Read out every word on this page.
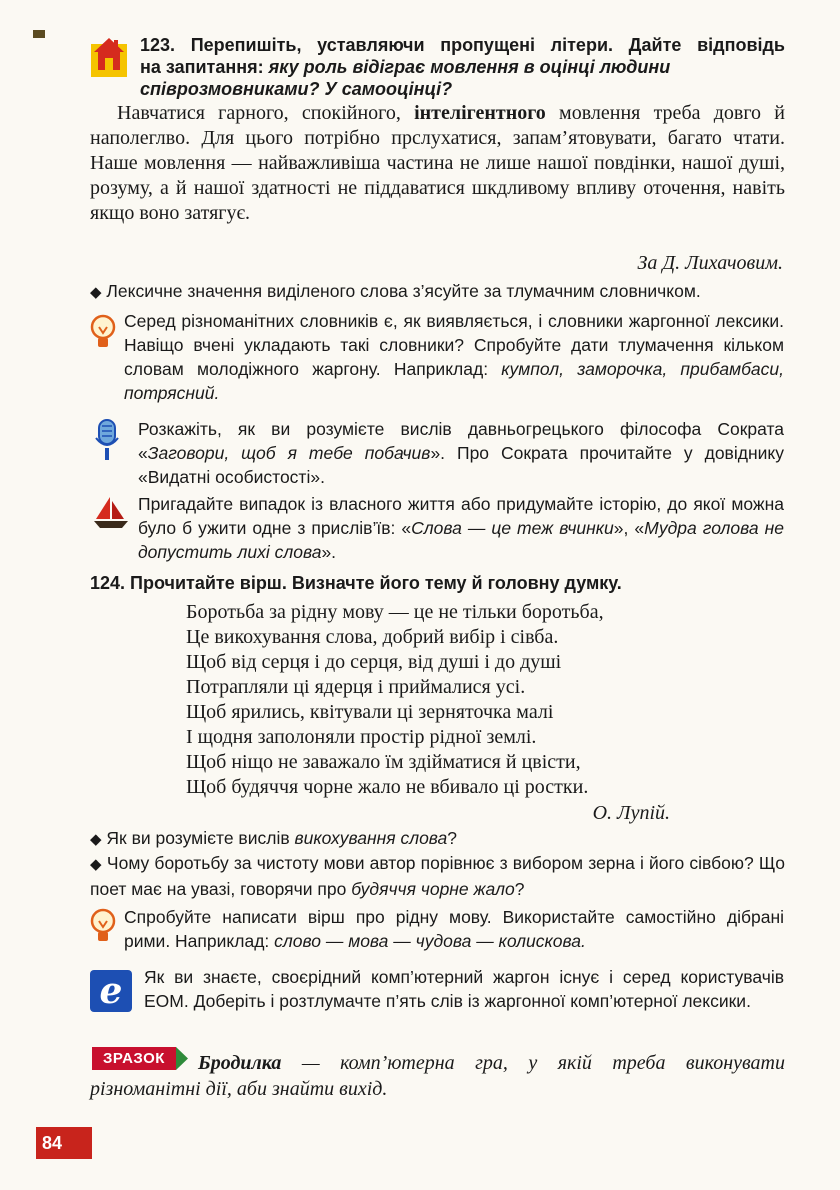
123. Перепишіть, уставляючи пропущені літери. Дайте відповідь
на запитання: яку роль відіграє мовлення в оцінці людини співрозмовниками? У самооцінці?
Навчатися гарного, спокійного, інтелігентного мовлення треба довго й наполеглво. Для цього потрібно прслухатися, запам’ятовувати, багато чтати. Наше мовлення — найважливіша частина не лише нашої повдінки, нашої душі, розуму, а й нашої здатності не піддаватися шкдливому впливу оточення, навіть якщо воно затягує.
За Д. Лихачовим.
◆ Лексичне значення виділеного слова з’ясуйте за тлумачним словничком.
Серед різноманітних словників є, як виявляється, і словники жаргонної лексики. Навіщо вчені укладають такі словники? Спробуйте дати тлумачення кільком словам молодіжного жаргону. Наприклад: кумпол, заморочка, прибамбаси, потрясний.
Розкажіть, як ви розумієте вислів давньогрецького філософа Сократа «Заговори, щоб я тебе побачив». Про Сократа прочитайте у довіднику «Видатні особистості».
Пригадайте випадок із власного життя або придумайте історію, до якої можна було б ужити одне з прислів’їв: «Слова — це теж вчинки», «Мудра голова не допустить лихі слова».
124. Прочитайте вірш. Визначте його тему й головну думку.
Боротьба за рідну мову — це не тільки боротьба,
Це викохування слова, добрий вибір і сівба.
Щоб від серця і до серця, від душі і до душі
Потрапляли ці ядерця і приймалися усі.
Щоб ярились, квітували ці зерняточка малі
І щодня заполоняли простір рідної землі.
Щоб ніщо не заважало їм здійматися й цвісти,
Щоб будяччя чорне жало не вбивало ці ростки.
О. Лупій.
◆ Як ви розумієте вислів викохування слова?
◆ Чому боротьбу за чистоту мови автор порівнює з вибором зерна і його сівбою? Що поет має на увазі, говорячи про будяччя чорне жало?
Спробуйте написати вірш про рідну мову. Використайте самостійно дібрані рими. Наприклад: слово — мова — чудова — колискова.
e	Як ви знаєте, своєрідний комп’ютерний жаргон існує і серед користувачів ЕОМ. Доберіть і розтлумачте п’ять слів із жаргонної комп’ютерної лексики.
ЗРАЗОК	Бродилка — комп’ютерна гра, у якій треба виконувати різноманітні дії, аби знайти вихід.
84
